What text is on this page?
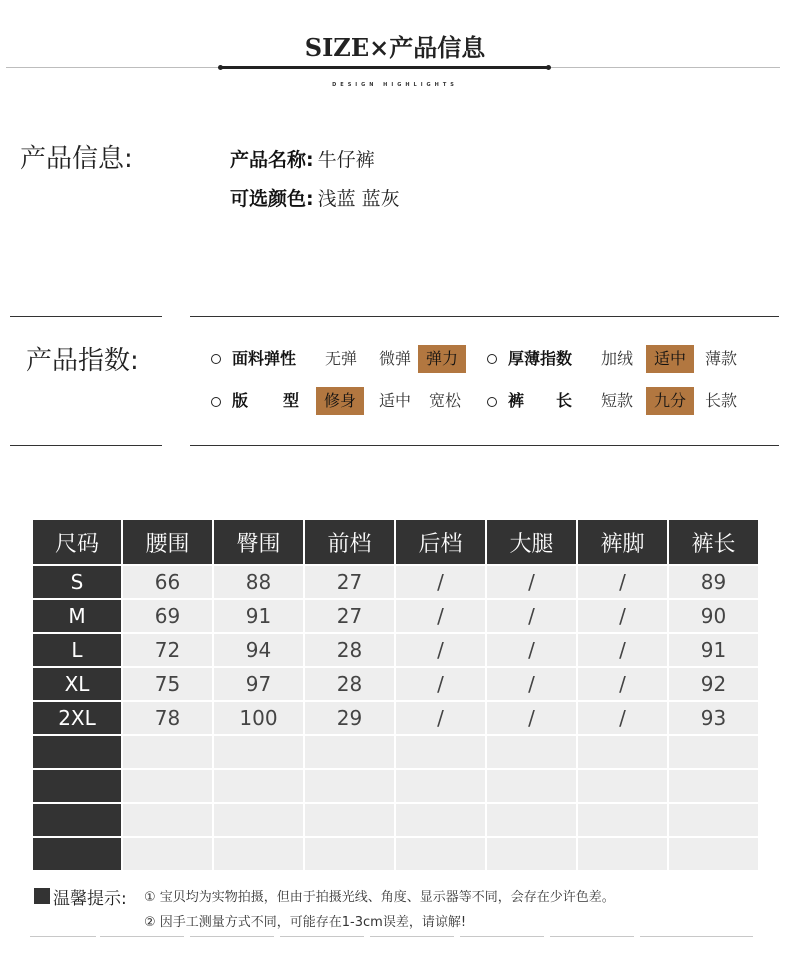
SIZE×产品信息
DESIGN HIGHLIGHTS
产品信息:	产品名称: 牛仔裤
可选颜色: 浅蓝 蓝灰
产品指数:	面料弹性	无弹	微弹 弹力	厚薄指数	加绒	适中	薄款
版 型	修身	适中	宽松	裤 长	短款	九分	长款
尺码	腰围	臀围	前档	后档	大腿	裤脚	裤长
S	66	88	27	/	/	/	89
M	69	91	27	/	/	/	90
L	72	94	28	/	/	/	91
XL	75	97	28	/	/	/	92
2XL	78	100	29	/	/	/	93

温馨提示: ① 宝贝均为实物拍摄，但由于拍摄光线、角度、显示器等不同，会存在少许色差。
② 因手工测量方式不同，可能存在1-3cm误差，请谅解!
